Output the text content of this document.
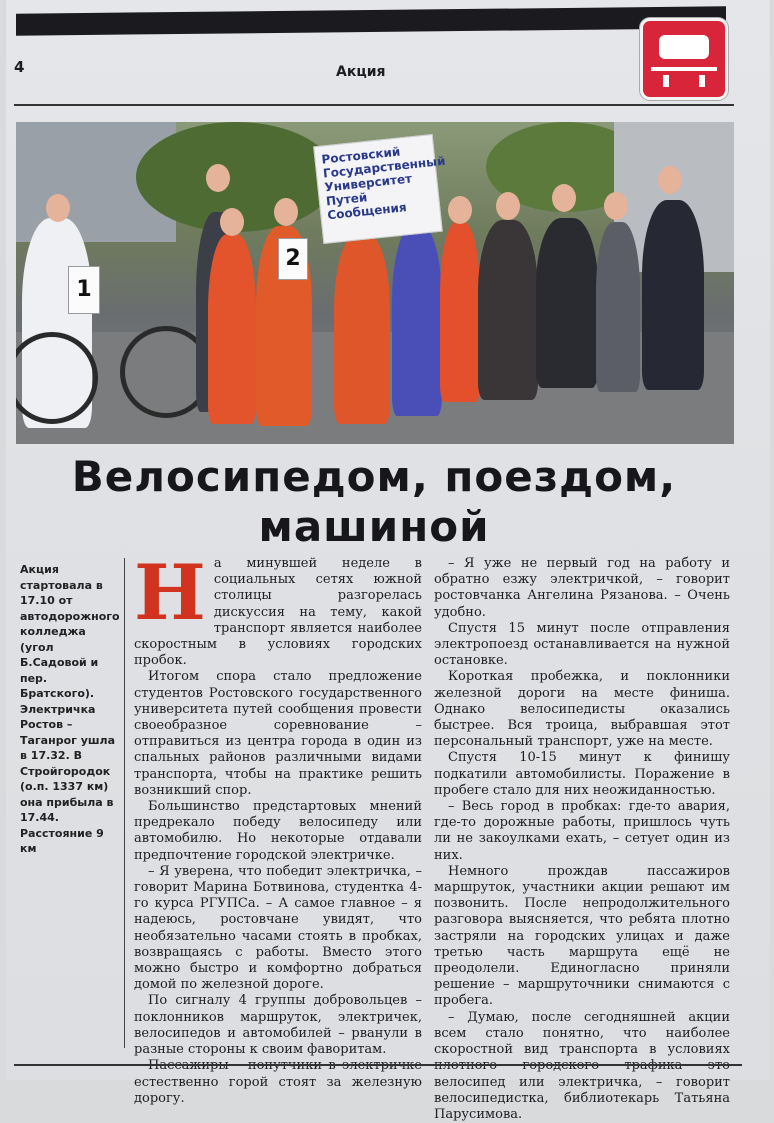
4	Акция
1
2
Ростовский Государственный Университет Путей Сообщения
Велосипедом, поездом, машиной
Акция стартовала в 17.10 от автодорожного колледжа (угол Б.Садовой и пер. Братского). Электричка Ростов – Таганрог ушла в 17.32. В Стройгородок (о.п. 1337 км) она прибыла в 17.44. Расстояние 9 км
Н а минувшей неделе в социальных сетях южной столицы разгорелась дискуссия на тему, какой транспорт является наиболее скоростным в условиях городских пробок.

Итогом спора стало предложение студентов Ростовского государственного университета путей сообщения провести своеобразное соревнование – отправиться из центра города в один из спальных районов различными видами транспорта, чтобы на практике решить возникший спор.

Большинство предстартовых мнений предрекало победу велосипеду или автомобилю. Но некоторые отдавали предпочтение городской электричке.

– Я уверена, что победит электричка, – говорит Марина Ботвинова, студентка 4-го курса РГУПСа. – А самое главное – я надеюсь, ростовчане увидят, что необязательно часами стоять в пробках, возвращаясь с работы. Вместо этого можно быстро и комфортно добраться домой по железной дороге.

По сигналу 4 группы добровольцев – поклонников маршруток, электричек, велосипедов и автомобилей – рванули в разные стороны к своим фаворитам.

естественно горой стоят за железную дорогу.

– Я уже не первый год на работу и обратно езжу электричкой, – говорит ростовчанка Ангелина Рязанова. – Очень удобно.

Спустя 15 минут после отправления электропоезд останавливается на нужной остановке.

Короткая пробежка, и поклонники железной дороги на месте финиша. Однако велосипедисты оказались быстрее. Вся троица, выбравшая этот персональный транспорт, уже на месте.

Спустя 10-15 минут к финишу подкатили автомобилисты. Поражение в пробеге стало для них неожиданностью.

– Весь город в пробках: где-то авария, где-то дорожные работы, пришлось чуть ли не закоулками ехать, – сетует один из них.

Немного прождав пассажиров маршруток, участники акции решают им позвонить. После непродолжительного разговора выясняется, что ребята плотно застряли на городских улицах и даже третью часть маршрута ещё не преодолели. Единогласно приняли решение – маршруточники снимаются с пробега.

– Думаю, после сегодняшней акции всем стало понятно, что наиболее скоростной вид транспорта в условиях велосипед или электричка, – говорит велосипедистка, библиотекарь Татьяна Парусимова.
